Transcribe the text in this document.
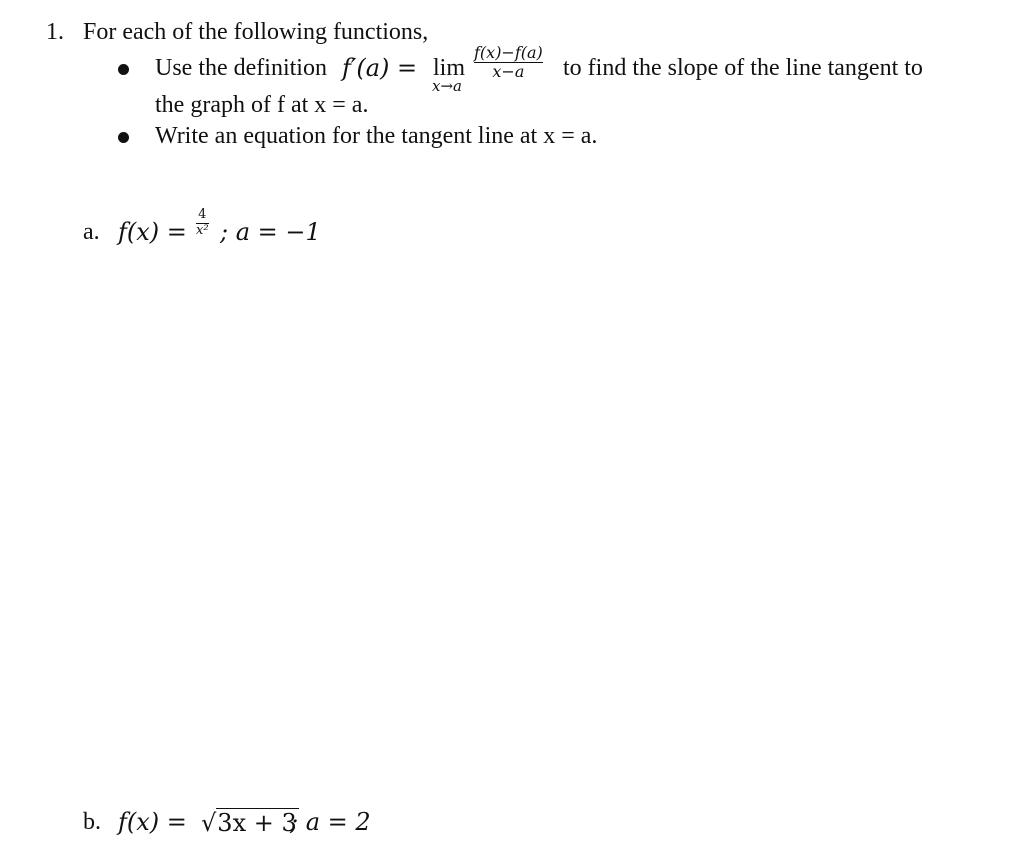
1. For each of the following functions,
Use the definition f′(a) = lim
x→a
f(x)−f(a)
x−a to find the slope of the line tangent to
the graph of f at x = a.
Write an equation for the tangent line at x = a.
a. f(x) =
4
x² ; a = −1
b. f(x) = √ 3x + 3
; a = 2
